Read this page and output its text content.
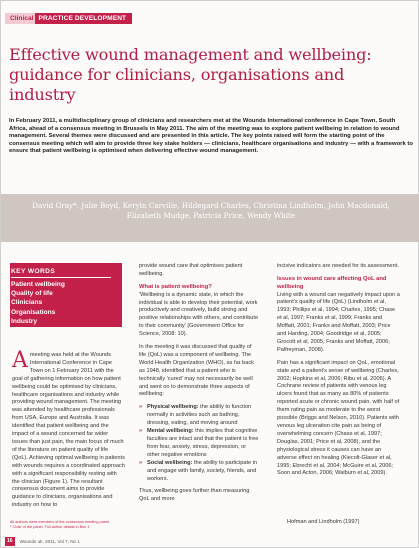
Clinical PRACTICE DEVELOPMENT
Effective wound management and wellbeing: guidance for clinicians, organisations and industry

In February 2011, a multidisciplinary group of clinicians and researchers met at the Wounds International conference in Cape Town, South Africa, ahead of a consensus meeting in Brussels in May 2011. The aim of the meeting was to explore patient wellbeing in relation to wound management. Several themes were discussed and are presented in this article. The key points raised will form the starting point of the consensus meeting which will aim to provide three key stake holders — clinicians, healthcare organisations and industry — with a framework to ensure that patient wellbeing is optimised when delivering effective wound management.

David Gray*, Julie Boyd, Keryln Carville, Hildegard Charles, Christina Lindholm, John Macdonald, Elizabeth Mudge, Patricia Price, Wendy White

KEY WORDS
Patient wellbeing
Quality of life
Clinicians
Organisations
Industry

Ameeting was held at the Wounds International Conference in Cape Town on 1 February 2011 with the goal of gathering information on how patient wellbeing could be optimised by clinicians, healthcare organisations and industry while providing wound management. The meeting was attended by healthcare professionals from USA, Europe and Australia. It was identified that patient wellbeing and the impact of a wound concerned far wider issues than just pain, the main focus of much of the literature on patient quality of life (QoL). Achieving optimal wellbeing in patients with wounds requires a coordinated approach with a significant responsibility resting with the clinician (Figure 1). The resultant consensus document aims to provide guidance to clinicians, organisations and industry on how to

All authors were members of the consensus meeting panel.
* Chair of the panel. Full author details in Box 1

provide wound care that optimises patient wellbeing.

What is patient wellbeing?

'Wellbeing is a dynamic state, in which the individual is able to develop their potential, work productively and creatively, build strong and positive relationships with others, and contribute to their community' (Government Office for Science, 2008: 10).

In the meeting it was discussed that quality of life (QoL) was a component of wellbeing. The World Health Organization (WHO), as far back as 1948, identified that a patient who is technically 'cured' may not necessarily be well and went on to demonstrate three aspects of wellbeing:

» Physical wellbeing: the ability to function normally in activities such as bathing, dressing, eating, and moving around
» Mental wellbeing: this implies that cognitive faculties are intact and that the patient is free from fear, anxiety, stress, depression, or other negative emotions
» Social wellbeing: the ability to participate in and engage with family, society, friends, and workers.

Thus, wellbeing goes further than measuring QoL and more

incisive indicators are needed for its assessment.

Issues in wound care affecting QoL and wellbeing

Living with a wound can negatively impact upon a patient's quality of life (QoL) (Lindholm et al, 1993; Phillips et al, 1994; Charles, 1995; Chase et al, 1997; Franks et al, 1999; Franks and Moffatt, 2001; Franks and Moffatt, 2003; Price and Harding, 2004; Goodridge et al, 2005; Grocott et al, 2005; Franks and Moffatt, 2006; Palfreyman, 2008).

Pain has a significant impact on QoL, emotional state and a patient's sense of wellbeing (Charles, 2002; Hopkins et al, 2006; Ribu et al, 2006). A Cochrane review of patients with venous leg ulcers found that as many as 80% of patients reported acute or chronic wound pain, with half of them rating pain as moderate to the worst possible (Briggs and Nelson, 2010). Patients with venous leg ulceration cite pain as being of overwhelming concern (Chase et al, 1997; Douglas, 2001; Price et al, 2008), and the physiological stress it causes can have an adverse effect on healing (Kiecolt-Glaser et al, 1995; Ebrecht et al, 2004; McGuire et al, 2006; Soon and Acton, 2006; Walburn et al, 2009).

Hofman and Lindholm (1997)
16	Wounds uk, 2011, Vol 7, No 1
